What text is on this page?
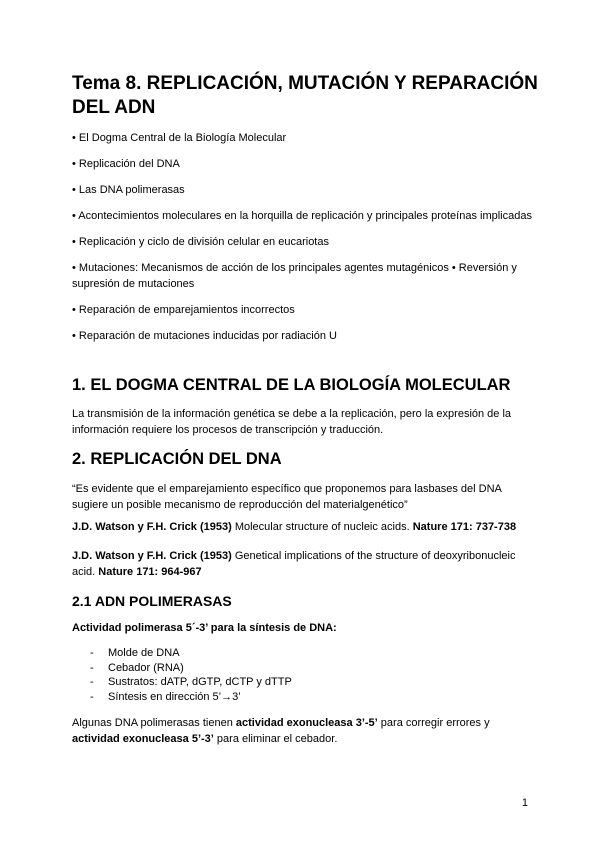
Tema 8. REPLICACIÓN, MUTACIÓN Y REPARACIÓN DEL ADN
• El Dogma Central de la Biología Molecular
• Replicación del DNA
• Las DNA polimerasas
• Acontecimientos moleculares en la horquilla de replicación y principales proteínas implicadas
• Replicación y ciclo de división celular en eucariotas
• Mutaciones: Mecanismos de acción de los principales agentes mutagénicos • Reversión y supresión de mutaciones
• Reparación de emparejamientos incorrectos
• Reparación de mutaciones inducidas por radiación U
1. EL DOGMA CENTRAL DE LA BIOLOGÍA MOLECULAR

La transmisión de la información genética se debe a la replicación, pero la expresión de la información requiere los procesos de transcripción y traducción.

2. REPLICACIÓN DEL DNA

“Es evidente que el emparejamiento específico que proponemos para lasbases del DNA sugiere un posible mecanismo de reproducción del materialgenético”

J.D. Watson y F.H. Crick (1953) Molecular structure of nucleic acids. Nature 171: 737-738

J.D. Watson y F.H. Crick (1953) Genetical implications of the structure of deoxyribonucleic acid. Nature 171: 964-967

2.1 ADN POLIMERASAS

Actividad polimerasa 5´-3’ para la síntesis de DNA:

- Molde de DNA
- Cebador (RNA)
- Sustratos: dATP, dGTP, dCTP y dTTP
- Síntesis en dirección 5’→3’

Algunas DNA polimerasas tienen actividad exonucleasa 3’-5’ para corregir errores y actividad exonucleasa 5’-3’ para eliminar el cebador.

1
